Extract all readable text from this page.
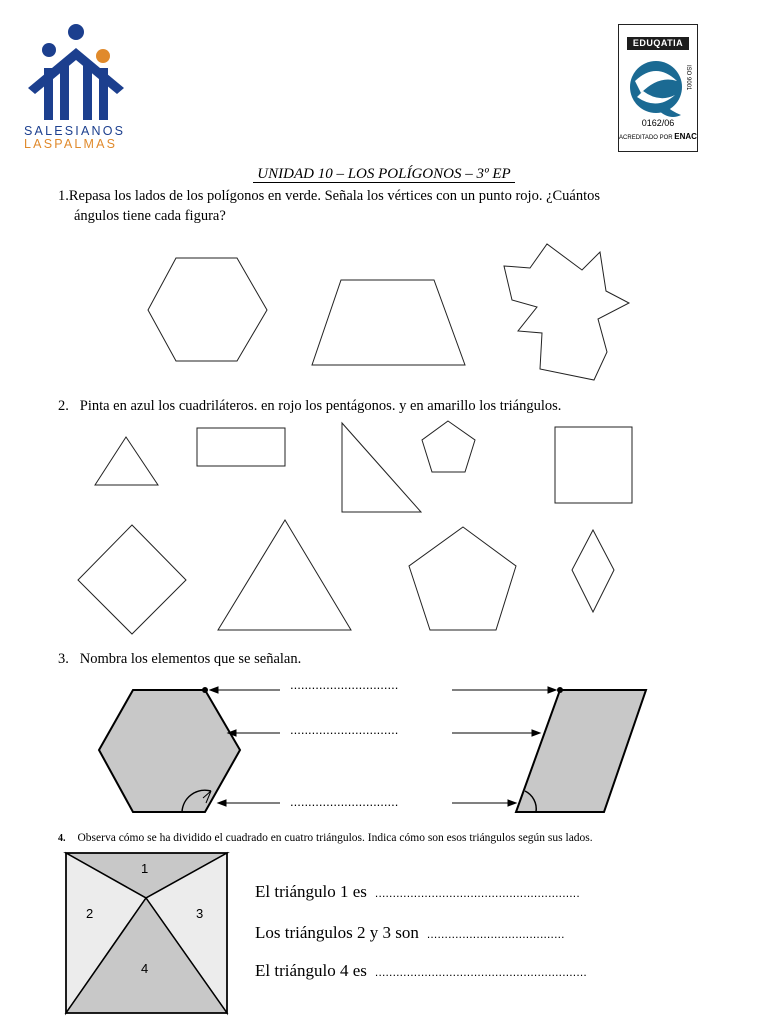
SALESIANOS
LASPALMAS
EDUQATIA
ISO 9001
0162/06
ACREDITADO POR ENAC
UNIDAD 10 – LOS POLÍGONOS – 3º EP
1.Repasa los lados de los polígonos en verde. Señala los vértices con un punto rojo. ¿Cuántos
ángulos tiene cada figura?
1
2	3
4
2. Pinta en azul los cuadriláteros. en rojo los pentágonos. y en amarillo los triángulos.
3. Nombra los elementos que se señalan.
..............................
..............................
..............................
4. Observa cómo se ha dividido el cuadrado en cuatro triángulos. Indica cómo son esos triángulos según sus lados.
El triángulo 1 es ..........................................................
Los triángulos 2 y 3 son .......................................
El triángulo 4 es ............................................................
